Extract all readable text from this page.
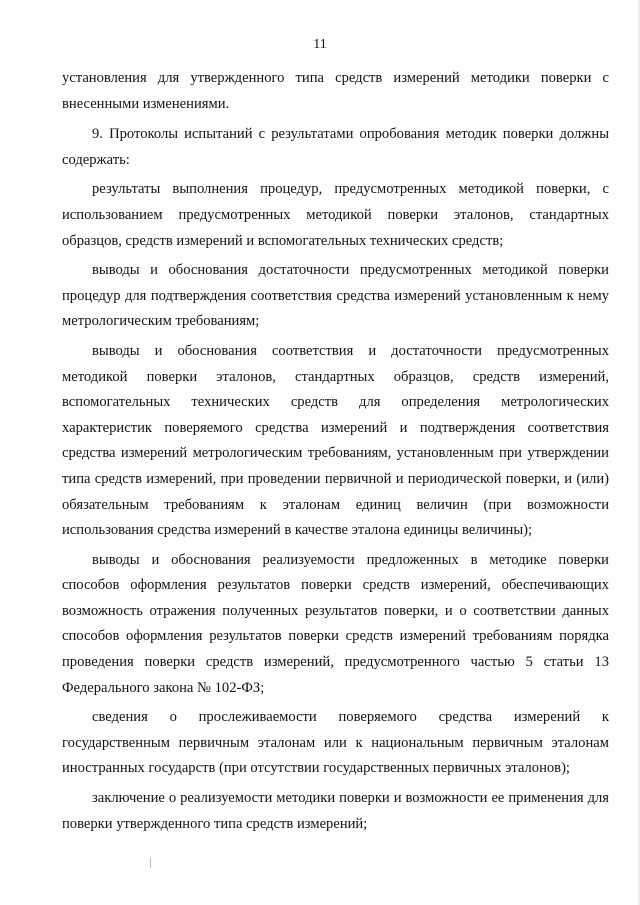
11

установления для утвержденного типа средств измерений методики поверки с внесенными изменениями.

9. Протоколы испытаний с результатами опробования методик поверки должны содержать:

результаты выполнения процедур, предусмотренных методикой поверки, с использованием предусмотренных методикой поверки эталонов, стандартных образцов, средств измерений и вспомогательных технических средств;

выводы и обоснования достаточности предусмотренных методикой поверки процедур для подтверждения соответствия средства измерений установленным к нему метрологическим требованиям;

выводы и обоснования соответствия и достаточности предусмотренных методикой поверки эталонов, стандартных образцов, средств измерений, вспомогательных технических средств для определения метрологических характеристик поверяемого средства измерений и подтверждения соответствия средства измерений метрологическим требованиям, установленным при утверждении типа средств измерений, при проведении первичной и периодической поверки, и (или) обязательным требованиям к эталонам единиц величин (при возможности использования средства измерений в качестве эталона единицы величины);

выводы и обоснования реализуемости предложенных в методике поверки способов оформления результатов поверки средств измерений, обеспечивающих возможность отражения полученных результатов поверки, и о соответствии данных способов оформления результатов поверки средств измерений требованиям порядка проведения поверки средств измерений, предусмотренного частью 5 статьи 13 Федерального закона № 102-ФЗ;

сведения о прослеживаемости поверяемого средства измерений к государственным первичным эталонам или к национальным первичным эталонам иностранных государств (при отсутствии государственных первичных эталонов);

заключение о реализуемости методики поверки и возможности ее применения для поверки утвержденного типа средств измерений;
